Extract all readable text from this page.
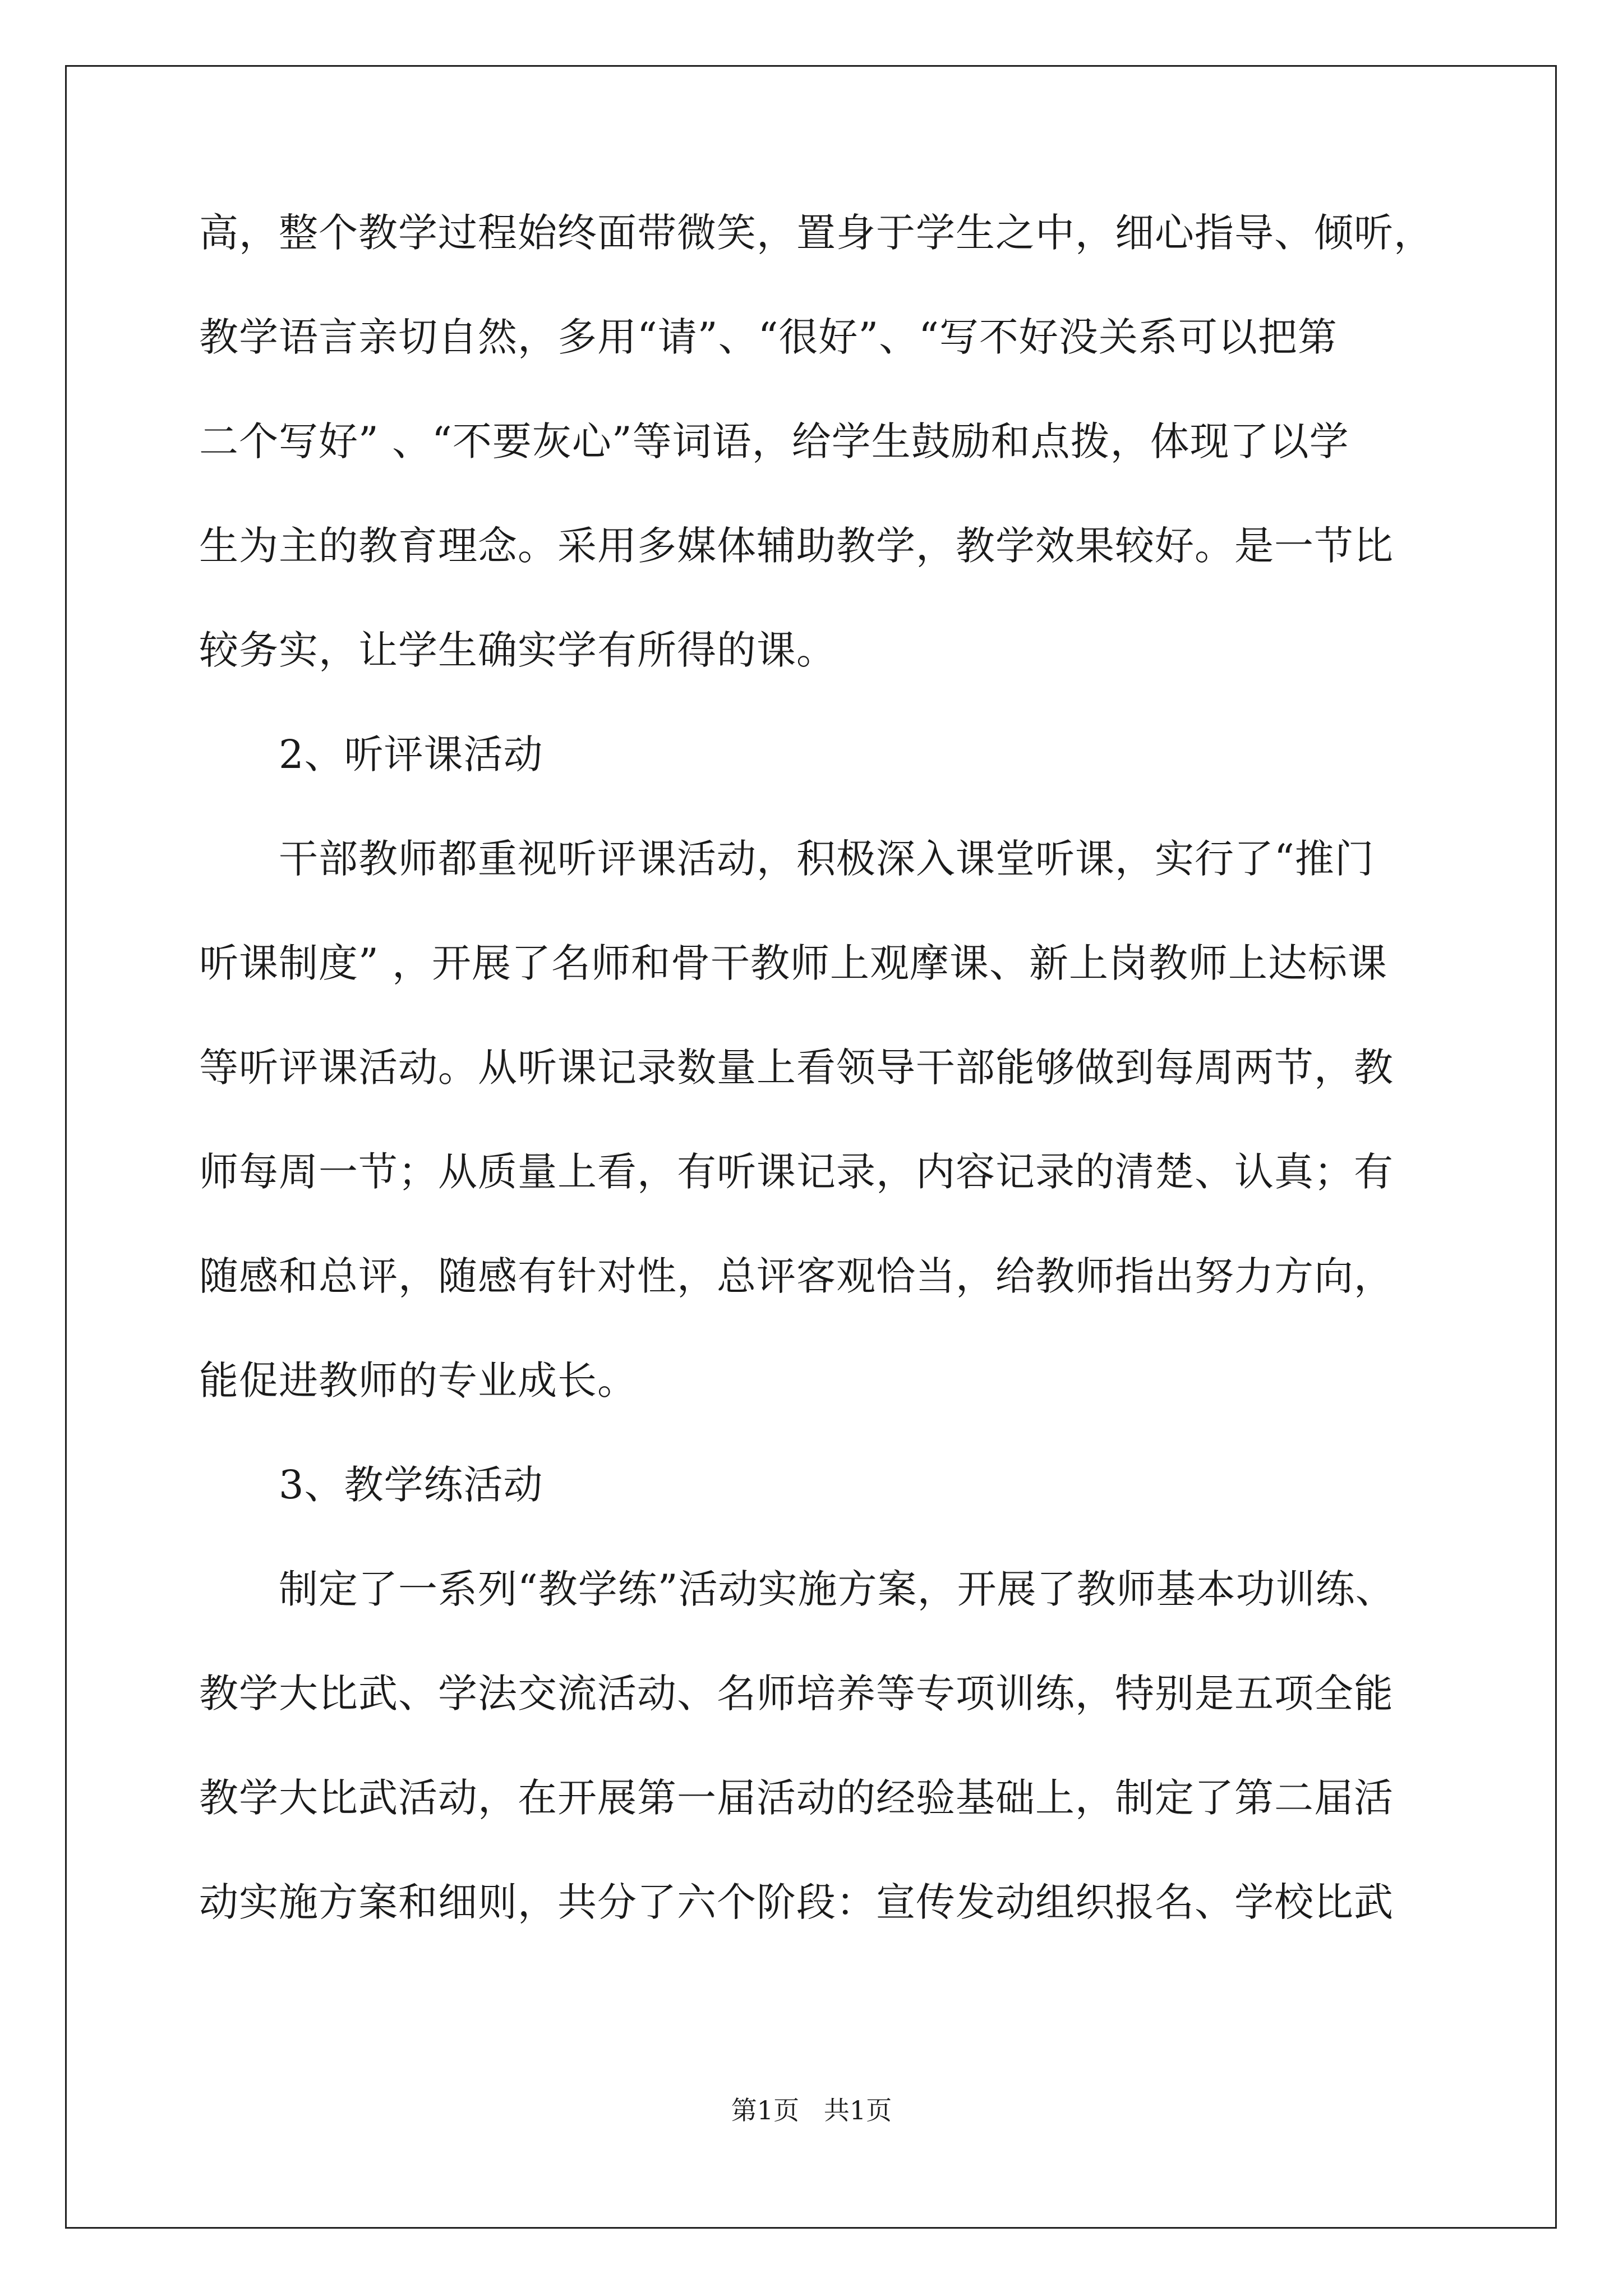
高，整个教学过程始终面带微笑，置身于学生之中，细心指导、倾听，
教学语言亲切自然，多用“请”、“很好”、“写不好没关系可以把第
二个写好” 、“不要灰心”等词语，给学生鼓励和点拨，体现了以学
生为主的教育理念。采用多媒体辅助教学，教学效果较好。是一节比
较务实，让学生确实学有所得的课。
　　2、听评课活动
　　干部教师都重视听评课活动，积极深入课堂听课，实行了“推门
听课制度” ，开展了名师和骨干教师上观摩课、新上岗教师上达标课
等听评课活动。从听课记录数量上看领导干部能够做到每周两节，教
师每周一节；从质量上看，有听课记录，内容记录的清楚、认真；有
随感和总评，随感有针对性，总评客观恰当，给教师指出努力方向，
能促进教师的专业成长。
　　3、教学练活动
　　制定了一系列“教学练”活动实施方案，开展了教师基本功训练、
教学大比武、学法交流活动、名师培养等专项训练，特别是五项全能
教学大比武活动，在开展第一届活动的经验基础上，制定了第二届活
动实施方案和细则，共分了六个阶段：宣传发动组织报名、学校比武
第1页   共1页
